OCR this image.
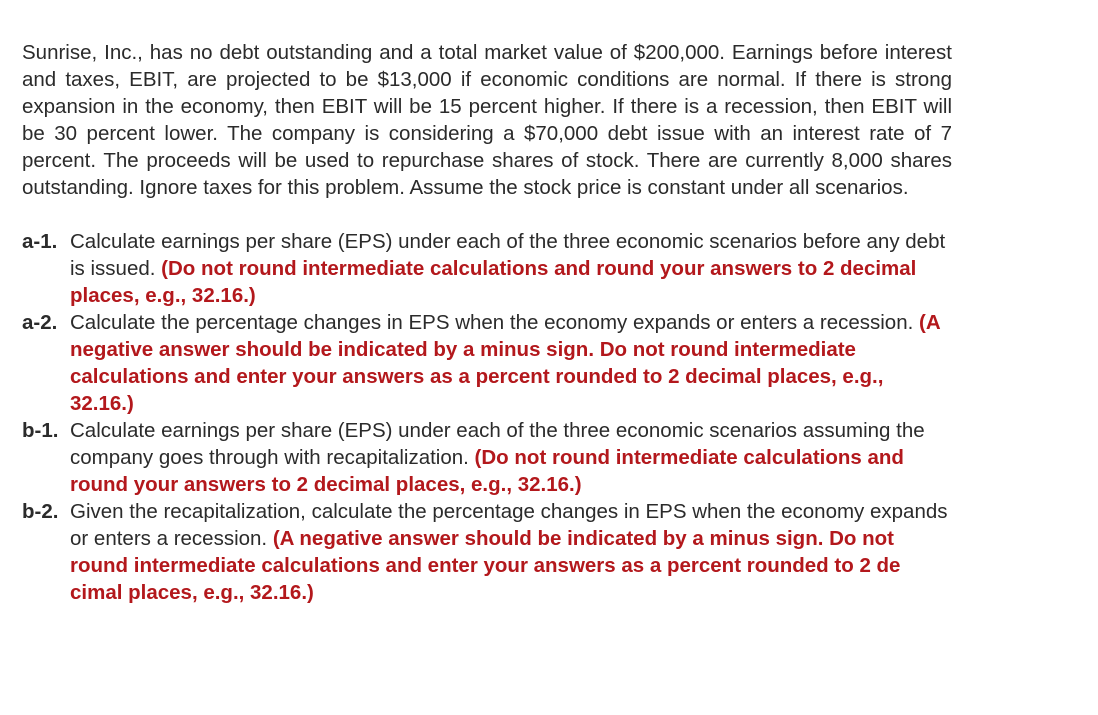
Sunrise, Inc., has no debt outstanding and a total market value of $200,000. Earnings before interest and taxes, EBIT, are projected to be $13,000 if economic conditions are normal. If there is strong expansion in the economy, then EBIT will be 15 percent higher. If there is a recession, then EBIT will be 30 percent lower. The company is considering a $70,000 debt issue with an interest rate of 7 percent. The proceeds will be used to repurchase shares of stock. There are currently 8,000 shares outstanding. Ignore taxes for this problem. Assume the stock price is constant under all scenarios.

a-1. Calculate earnings per share (EPS) under each of the three economic scenarios before any debt is issued. (Do not round intermediate calculations and round your answers to 2 decimal places, e.g., 32.16.)
a-2. Calculate the percentage changes in EPS when the economy expands or enters a recession. (A negative answer should be indicated by a minus sign. Do not round intermediate calculations and enter your answers as a percent rounded to 2 decimal places, e.g., 32.16.)
b-1. Calculate earnings per share (EPS) under each of the three economic scenarios assuming the company goes through with recapitalization. (Do not round intermediate calculations and round your answers to 2 decimal places, e.g., 32.16.)
b-2. Given the recapitalization, calculate the percentage changes in EPS when the economy expands or enters a recession. (A negative answer should be indicated by a minus sign. Do not round intermediate calculations and enter your answers as a percent rounded to 2 de cimal places, e.g., 32.16.)
